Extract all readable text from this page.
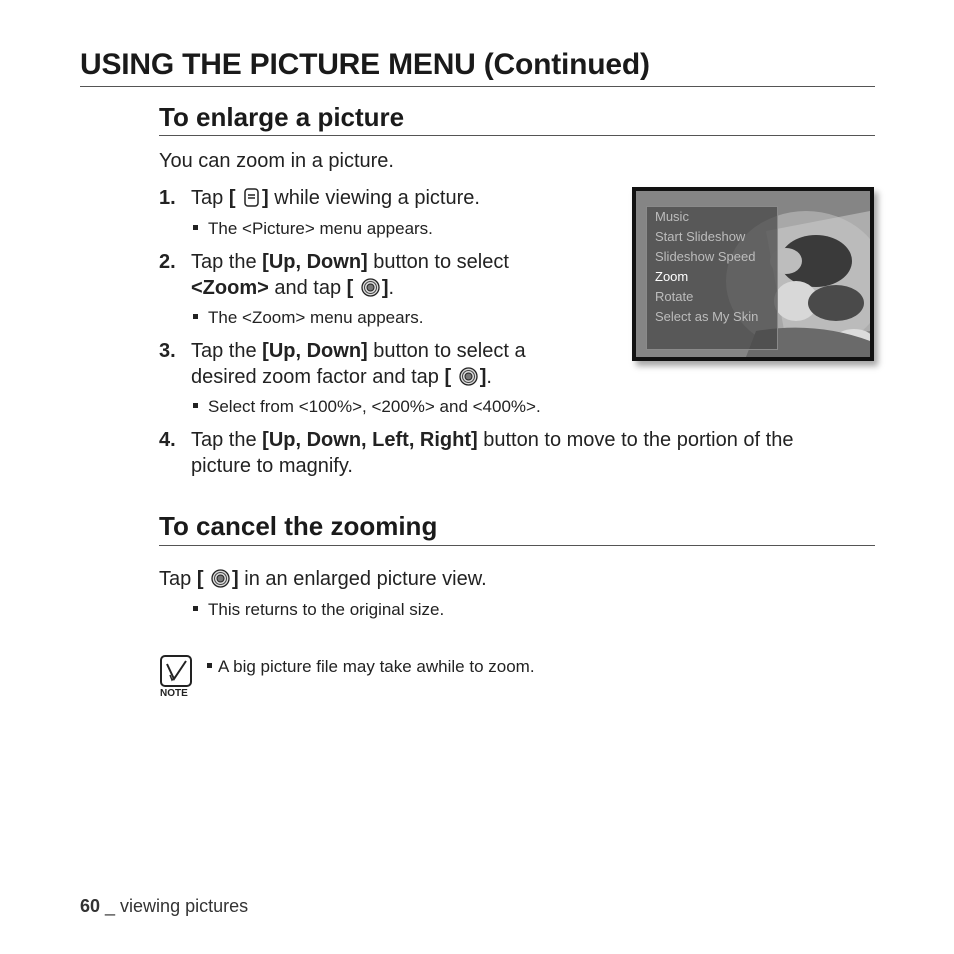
USING THE PICTURE MENU (Continued)
To enlarge a picture
You can zoom in a picture.
1. Tap [ ] while viewing a picture.
The <Picture> menu appears.
2. Tap the [Up, Down] button to select
<Zoom> and tap [ ].
The <Zoom> menu appears.
3. Tap the [Up, Down] button to select a
desired zoom factor and tap [ ].
Select from <100%>, <200%> and <400%>.
4. Tap the [Up, Down, Left, Right] button to move to the portion of the
picture to magnify.
Music
Start Slideshow
Slideshow Speed
Zoom
Rotate
Select as My Skin
To cancel the zooming
Tap [ ] in an enlarged picture view.
This returns to the original size.
NOTE
A big picture file may take awhile to zoom.
60 _ viewing pictures
